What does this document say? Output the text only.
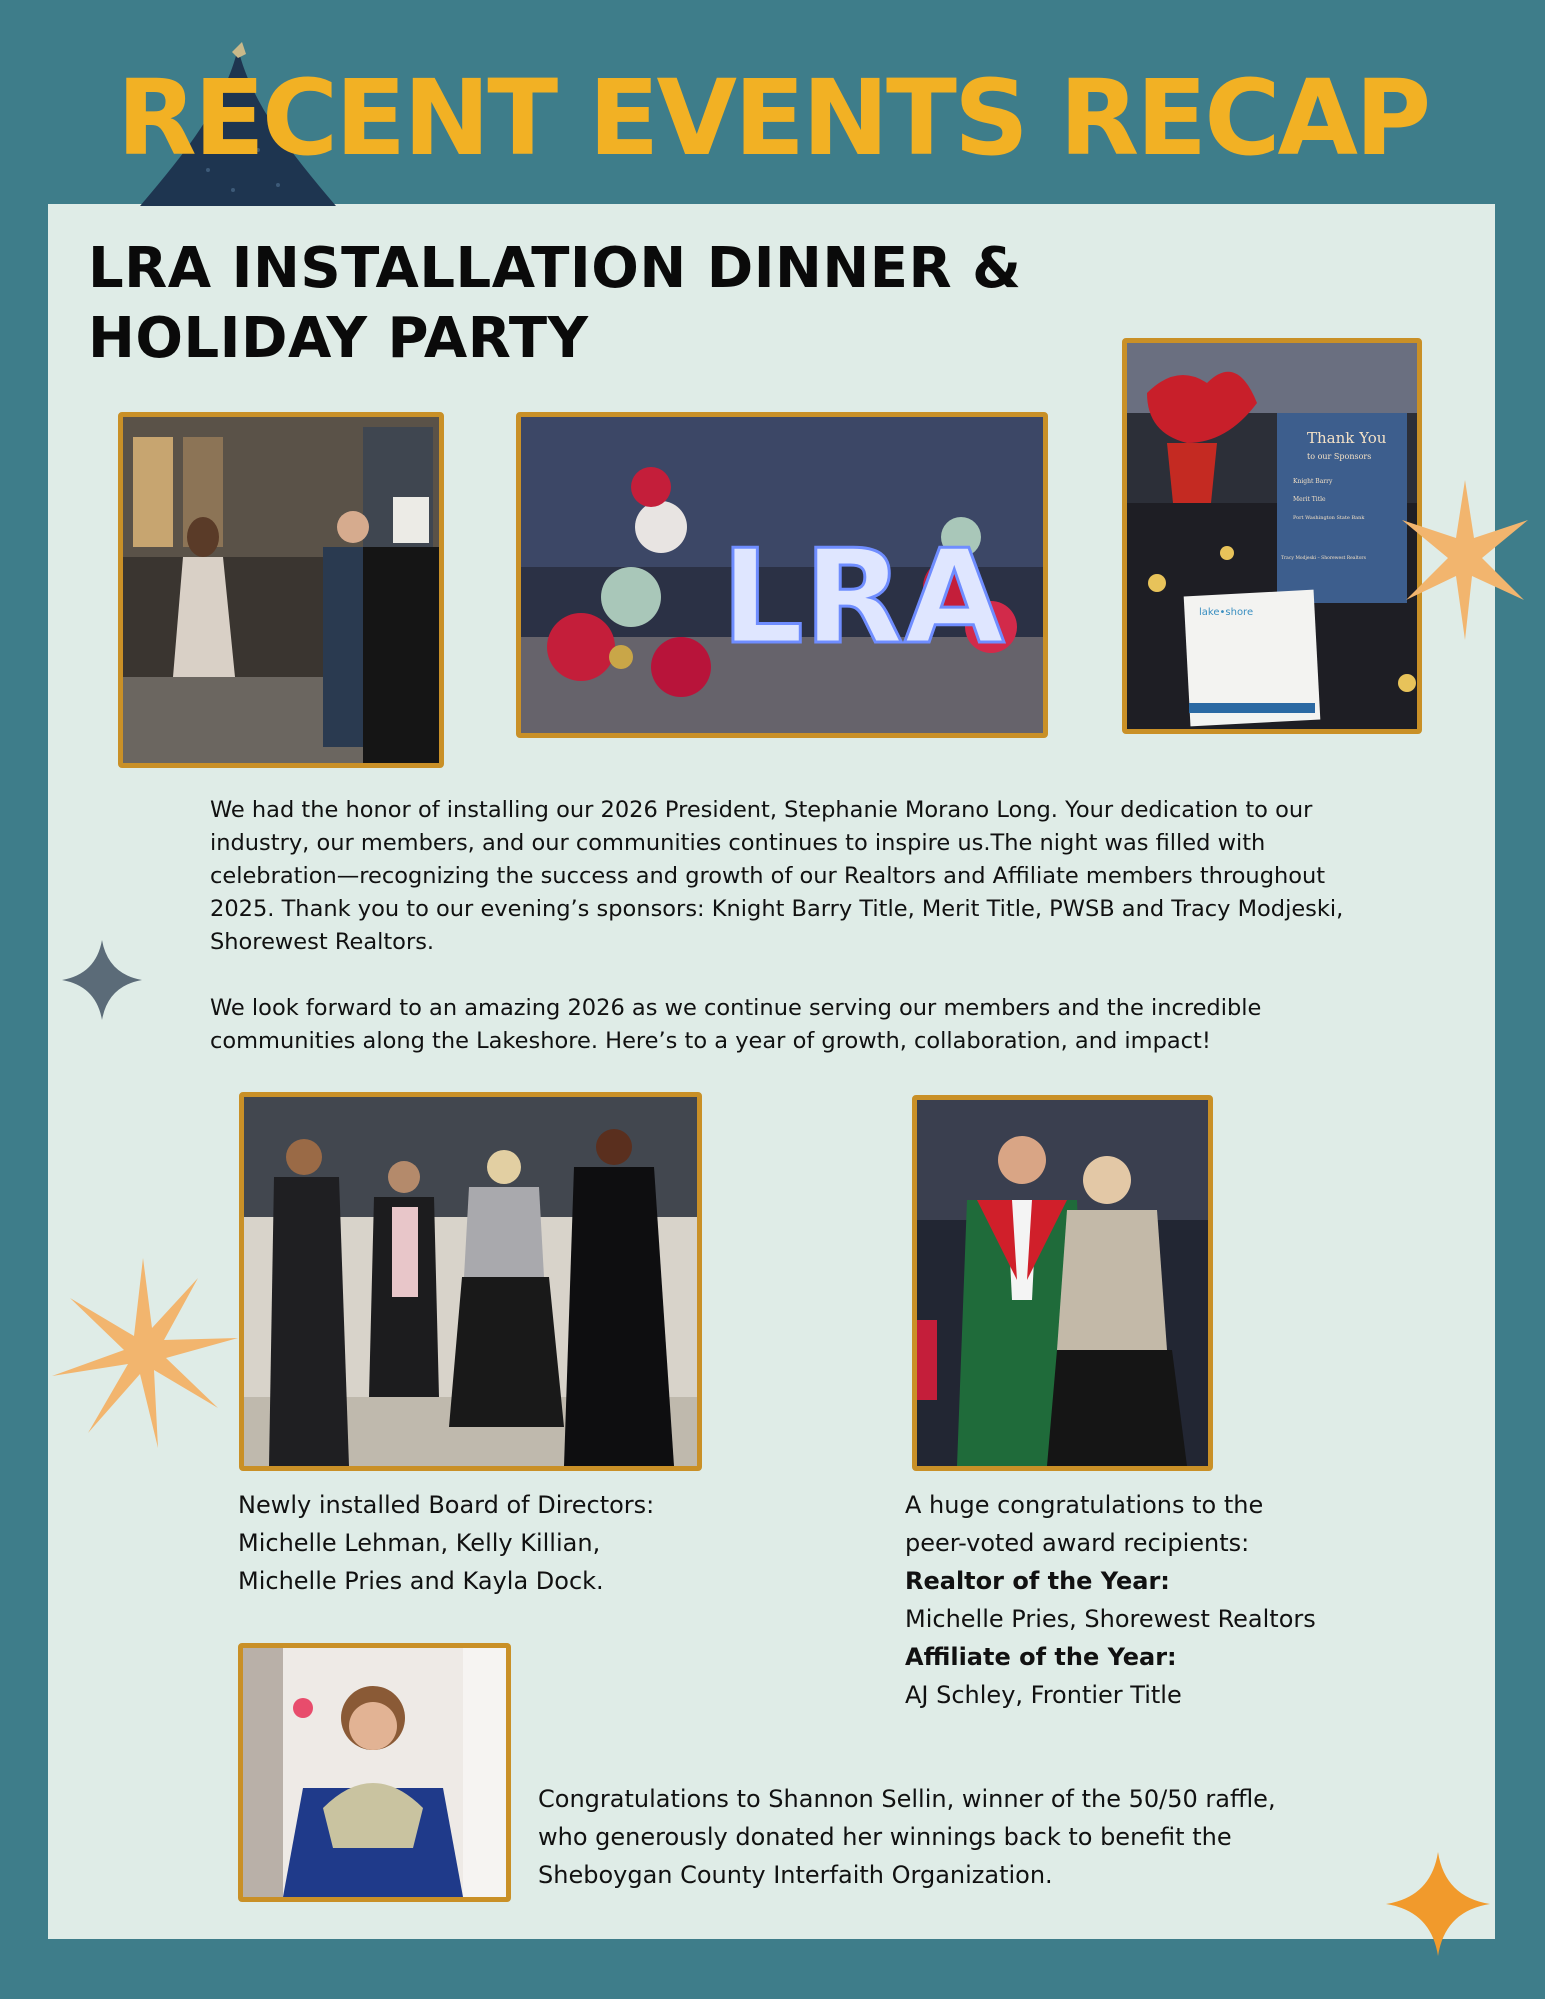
RECENT EVENTS RECAP
LRA INSTALLATION DINNER &
HOLIDAY PARTY
LRA
Thank You
to our Sponsors
Knight Barry
Merit Title
Port Washington State Bank
Tracy Modjeski – Shorewest Realtors
lake•shore

We had the honor of installing our 2026 President, Stephanie Morano Long. Your dedication to our industry, our members, and our communities continues to inspire us.The night was filled with celebration—recognizing the success and growth of our Realtors and Affiliate members throughout 2025. Thank you to our evening’s sponsors: Knight Barry Title, Merit Title, PWSB and Tracy Modjeski, Shorewest Realtors.

We look forward to an amazing 2026 as we continue serving our members and the incredible communities along the Lakeshore. Here’s to a year of growth, collaboration, and impact!

Newly installed Board of Directors:

Michelle Lehman, Kelly Killian,

Michelle Pries and Kayla Dock.

A huge congratulations to the

peer-voted award recipients:

Realtor of the Year:

Michelle Pries, Shorewest Realtors

Affiliate of the Year:

AJ Schley, Frontier Title

Congratulations to Shannon Sellin, winner of the 50/50 raffle,

who generously donated her winnings back to benefit the

Sheboygan County Interfaith Organization.
